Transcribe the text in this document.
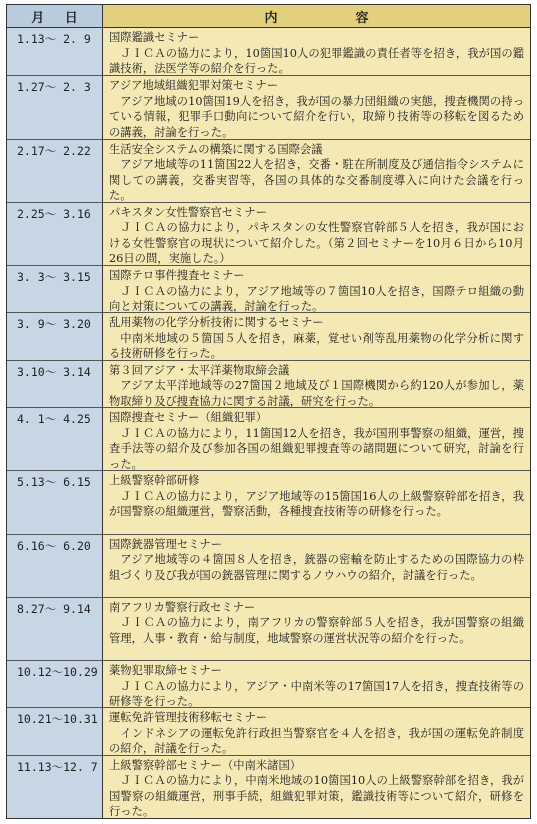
月 日	内	容
1.13～ 2. 9	国際鑑識セミナー
ＪＩＣＡの協力により，10箇国10人の犯罪鑑識の責任者等を招き，我が国の鑑識技術，法医学等の紹介を行った。
1.27～ 2. 3	アジア地域組織犯罪対策セミナー
アジア地域の10箇国19人を招き，我が国の暴力団組織の実態，捜査機関の持っている情報，犯罪手口動向について紹介を行い，取締り技術等の移転を図るための講義，討論を行った。
2.17～ 2.22	生活安全システムの構築に関する国際会議
アジア地域等の11箇国22人を招き，交番・駐在所制度及び通信指令システムに関しての講義，交番実習等，各国の具体的な交番制度導入に向けた会議を行った。
2.25～ 3.16	パキスタン女性警察官セミナー
ＪＩＣＡの協力により，パキスタンの女性警察官幹部５人を招き，我が国における女性警察官の現状について紹介した。（第２回セミナーを10月６日から10月26日の間，実施した。）
3. 3～ 3.15	国際テロ事件捜査セミナー
ＪＩＣＡの協力により，アジア地域等の７箇国10人を招き，国際テロ組織の動向と対策についての講義，討論を行った。
3. 9～ 3.20	乱用薬物の化学分析技術に関するセミナー
中南米地域の５箇国５人を招き，麻薬，覚せい剤等乱用薬物の化学分析に関する技術研修を行った。
3.10～ 3.14	第３回アジア・太平洋薬物取締会議
アジア太平洋地域等の27箇国２地域及び１国際機関から約120人が参加し，薬物取締り及び捜査協力に関する討議，研究を行った。
4. 1～ 4.25	国際捜査セミナー（組織犯罪）
ＪＩＣＡの協力により，11箇国12人を招き，我が国刑事警察の組織，運営，捜査手法等の紹介及び参加各国の組織犯罪捜査等の諸問題について研究，討論を行った。
5.13～ 6.15	上級警察幹部研修
ＪＩＣＡの協力により，アジア地域等の15箇国16人の上級警察幹部を招き，我が国警察の組織運営，警察活動，各種捜査技術等の研修を行った。
6.16～ 6.20	国際銃器管理セミナー
アジア地域等の４箇国８人を招き，銃器の密輸を防止するための国際協力の枠組づくり及び我が国の銃器管理に関するノウハウの紹介，討議を行った。
8.27～ 9.14	南アフリカ警察行政セミナー
ＪＩＣＡの協力により，南アフリカの警察幹部５人を招き，我が国警察の組織管理，人事・教育・給与制度，地域警察の運営状況等の紹介を行った。
10.12～10.29 薬物犯罪取締セミナー
ＪＩＣＡの協力により，アジア・中南米等の17箇国17人を招き，捜査技術等の研修等を行った。
10.21～10.31 運転免許管理技術移転セミナー
インドネシアの運転免許行政担当警察官を４人を招き，我が国の運転免許制度の紹介，討議を行った。
11.13～12. 7 上級警察幹部セミナー（中南米諸国）
ＪＩＣＡの協力により，中南米地域の10箇国10人の上級警察幹部を招き，我が国警察の組織運営，刑事手続，組織犯罪対策，鑑識技術等について紹介，研修を行った。
